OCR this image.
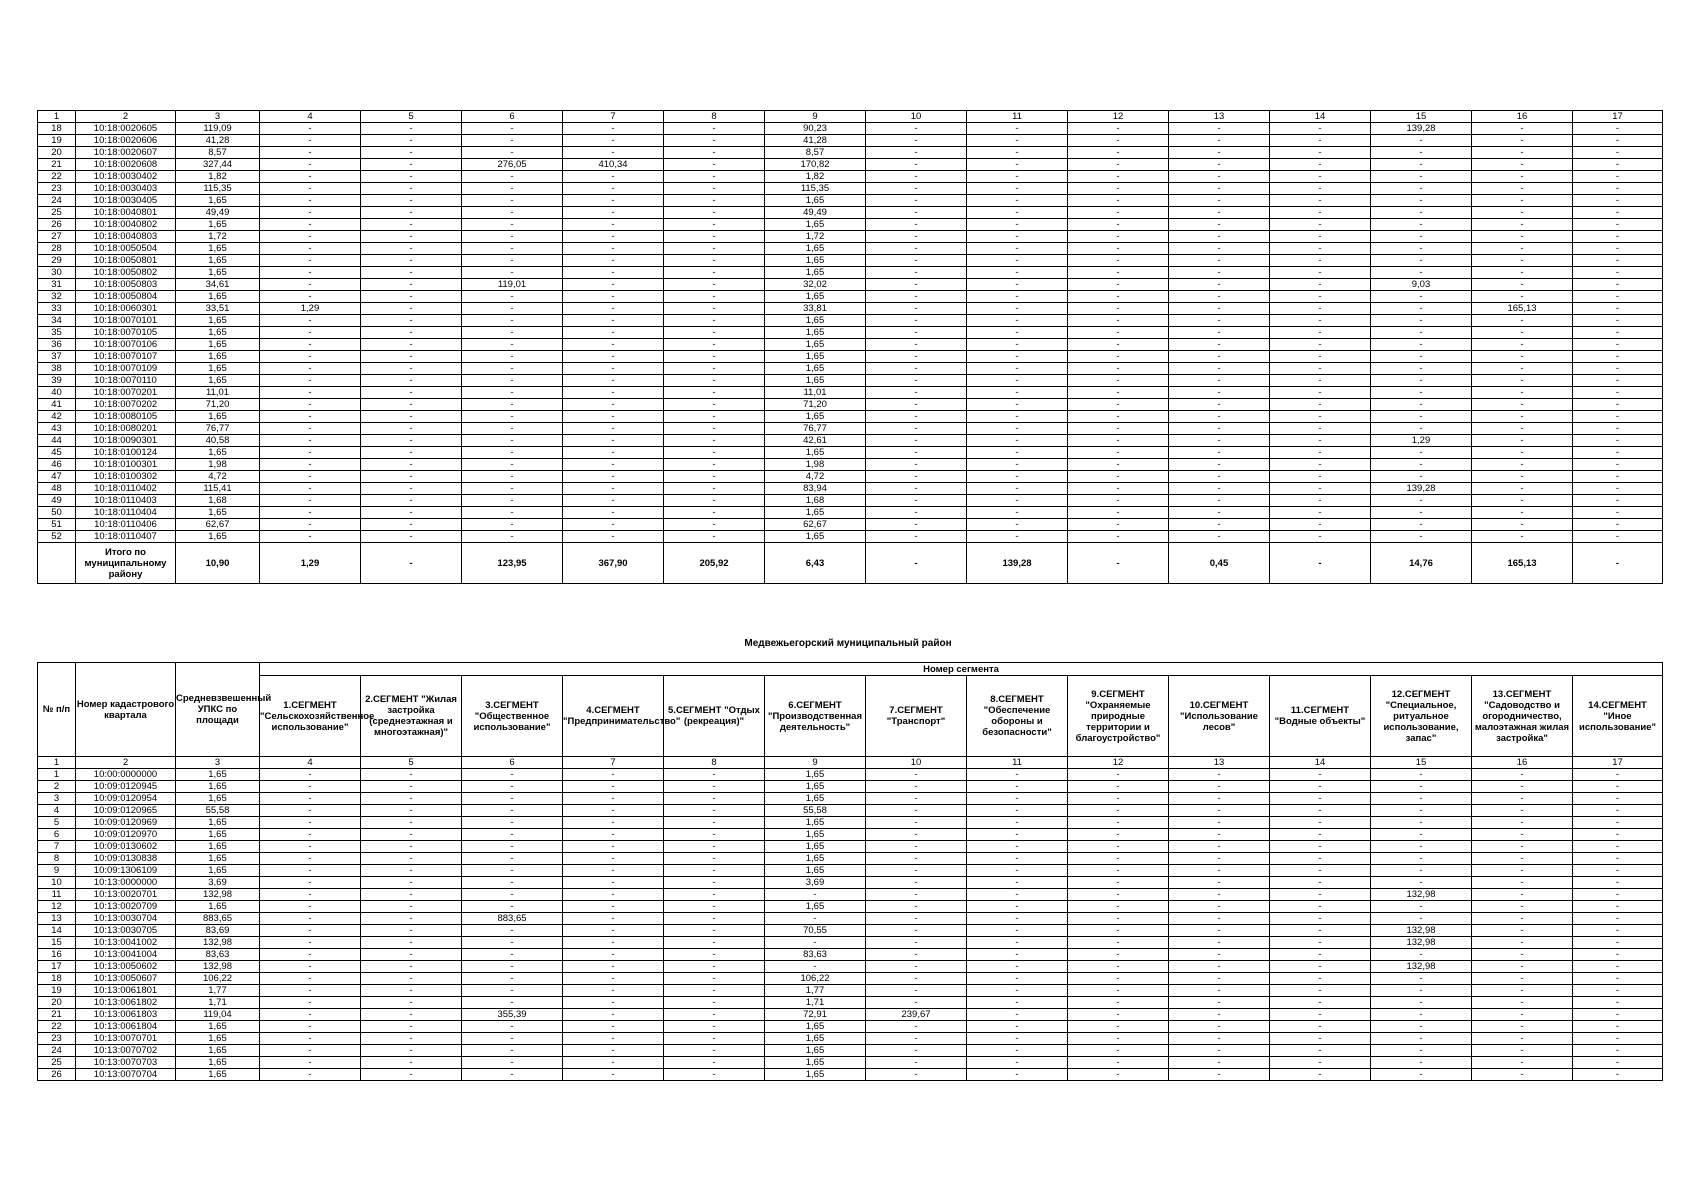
1	2	3	4	5	6	7	8	9	10	11	12	13	14	15	16	17
18	10:18:0020605	119,09	-	-	-	-	-	90,23	-	-	-	-	-	139,28	-	-
19	10:18:0020606	41,28	-	-	-	-	-	41,28	-	-	-	-	-	-	-	-
20	10:18:0020607	8,57	-	-	-	-	-	8,57	-	-	-	-	-	-	-	-
21	10:18:0020608	327,44	-	-	276,05	410,34	-	170,82	-	-	-	-	-	-	-	-
22	10:18:0030402	1,82	-	-	-	-	-	1,82	-	-	-	-	-	-	-	-
23	10:18:0030403	115,35	-	-	-	-	-	115,35	-	-	-	-	-	-	-	-
24	10:18:0030405	1,65	-	-	-	-	-	1,65	-	-	-	-	-	-	-	-
25	10:18:0040801	49,49	-	-	-	-	-	49,49	-	-	-	-	-	-	-	-
26	10:18:0040802	1,65	-	-	-	-	-	1,65	-	-	-	-	-	-	-	-
27	10:18:0040803	1,72	-	-	-	-	-	1,72	-	-	-	-	-	-	-	-
28	10:18:0050504	1,65	-	-	-	-	-	1,65	-	-	-	-	-	-	-	-
29	10:18:0050801	1,65	-	-	-	-	-	1,65	-	-	-	-	-	-	-	-
30	10:18:0050802	1,65	-	-	-	-	-	1,65	-	-	-	-	-	-	-	-
31	10:18:0050803	34,61	-	-	119,01	-	-	32,02	-	-	-	-	-	9,03	-	-
32	10:18:0050804	1,65	-	-	-	-	-	1,65	-	-	-	-	-	-	-	-
33	10:18:0060301	33,51	1,29	-	-	-	-	33,81	-	-	-	-	-	-	165,13	-
34	10:18:0070101	1,65	-	-	-	-	-	1,65	-	-	-	-	-	-	-	-
35	10:18:0070105	1,65	-	-	-	-	-	1,65	-	-	-	-	-	-	-	-
36	10:18:0070106	1,65	-	-	-	-	-	1,65	-	-	-	-	-	-	-	-
37	10:18:0070107	1,65	-	-	-	-	-	1,65	-	-	-	-	-	-	-	-
38	10:18:0070109	1,65	-	-	-	-	-	1,65	-	-	-	-	-	-	-	-
39	10:18:0070110	1,65	-	-	-	-	-	1,65	-	-	-	-	-	-	-	-
40	10:18:0070201	11,01	-	-	-	-	-	11,01	-	-	-	-	-	-	-	-
41	10:18:0070202	71,20	-	-	-	-	-	71,20	-	-	-	-	-	-	-	-
42	10:18:0080105	1,65	-	-	-	-	-	1,65	-	-	-	-	-	-	-	-
43	10:18:0080201	76,77	-	-	-	-	-	76,77	-	-	-	-	-	-	-	-
44	10:18:0090301	40,58	-	-	-	-	-	42,61	-	-	-	-	-	1,29	-	-
45	10:18:0100124	1,65	-	-	-	-	-	1,65	-	-	-	-	-	-	-	-
46	10:18:0100301	1,98	-	-	-	-	-	1,98	-	-	-	-	-	-	-	-
47	10:18:0100302	4,72	-	-	-	-	-	4,72	-	-	-	-	-	-	-	-
48	10:18:0110402	115,41	-	-	-	-	-	83,94	-	-	-	-	-	139,28	-	-
49	10:18:0110403	1,68	-	-	-	-	-	1,68	-	-	-	-	-	-	-	-
50	10:18:0110404	1,65	-	-	-	-	-	1,65	-	-	-	-	-	-	-	-
51	10:18:0110406	62,67	-	-	-	-	-	62,67	-	-	-	-	-	-	-	-
52	10:18:0110407	1,65	-	-	-	-	-	1,65	-	-	-	-	-	-	-	-
	Итого по муниципальному району	10,90	1,29	-	123,95	367,90	205,92	6,43	-	139,28	-	0,45	-	14,76	165,13	-
Медвежьегорский муниципальный район
№ п/п	Номер кадастрового квартала	Средневзвешенный УПКС по площади	Номер сегмента													
			1.СЕГМЕНТ "Сельскохозяйственное использование"	2.СЕГМЕНТ "Жилая застройка (среднеэтажная и многоэтажная)"	3.СЕГМЕНТ "Общественное использование"	4.СЕГМЕНТ "Предпринимательство"	5.СЕГМЕНТ "Отдых (рекреация)"	6.СЕГМЕНТ "Производственная деятельность"	7.СЕГМЕНТ "Транспорт"	8.СЕГМЕНТ "Обеспечение обороны и безопасности"	9.СЕГМЕНТ "Охраняемые природные территории и благоустройство"	10.СЕГМЕНТ "Использование лесов"	11.СЕГМЕНТ "Водные объекты"	12.СЕГМЕНТ "Специальное, ритуальное использование, запас"	13.СЕГМЕНТ "Садоводство и огородничество, малоэтажная жилая застройка"	14.СЕГМЕНТ "Иное использование"
1	2	3	4	5	6	7	8	9	10	11	12	13	14	15	16	17
1	10:00:0000000	1,65	-	-	-	-	-	1,65	-	-	-	-	-	-	-	-
2	10:09:0120945	1,65	-	-	-	-	-	1,65	-	-	-	-	-	-	-	-
3	10:09:0120954	1,65	-	-	-	-	-	1,65	-	-	-	-	-	-	-	-
4	10:09:0120965	55,58	-	-	-	-	-	55,58	-	-	-	-	-	-	-	-
5	10:09:0120969	1,65	-	-	-	-	-	1,65	-	-	-	-	-	-	-	-
6	10:09:0120970	1,65	-	-	-	-	-	1,65	-	-	-	-	-	-	-	-
7	10:09:0130602	1,65	-	-	-	-	-	1,65	-	-	-	-	-	-	-	-
8	10:09:0130838	1,65	-	-	-	-	-	1,65	-	-	-	-	-	-	-	-
9	10:09:1306109	1,65	-	-	-	-	-	1,65	-	-	-	-	-	-	-	-
10	10:13:0000000	3,69	-	-	-	-	-	3,69	-	-	-	-	-	-	-	-
11	10:13:0020701	132,98	-	-	-	-	-	-	-	-	-	-	-	132,98	-	-
12	10:13:0020709	1,65	-	-	-	-	-	1,65	-	-	-	-	-	-	-	-
13	10:13:0030704	883,65	-	-	883,65	-	-	-	-	-	-	-	-	-	-	-
14	10:13:0030705	83,69	-	-	-	-	-	70,55	-	-	-	-	-	132,98	-	-
15	10:13:0041002	132,98	-	-	-	-	-	-	-	-	-	-	-	132,98	-	-
16	10:13:0041004	83,63	-	-	-	-	-	83,63	-	-	-	-	-	-	-	-
17	10:13:0050602	132,98	-	-	-	-	-	-	-	-	-	-	-	132,98	-	-
18	10:13:0050607	106,22	-	-	-	-	-	106,22	-	-	-	-	-	-	-	-
19	10:13:0061801	1,77	-	-	-	-	-	1,77	-	-	-	-	-	-	-	-
20	10:13:0061802	1,71	-	-	-	-	-	1,71	-	-	-	-	-	-	-	-
21	10:13:0061803	119,04	-	-	355,39	-	-	72,91	239,67	-	-	-	-	-	-	-
22	10:13:0061804	1,65	-	-	-	-	-	1,65	-	-	-	-	-	-	-	-
23	10:13:0070701	1,65	-	-	-	-	-	1,65	-	-	-	-	-	-	-	-
24	10:13:0070702	1,65	-	-	-	-	-	1,65	-	-	-	-	-	-	-	-
25	10:13:0070703	1,65	-	-	-	-	-	1,65	-	-	-	-	-	-	-	-
26	10:13:0070704	1,65	-	-	-	-	-	1,65	-	-	-	-	-	-	-	-
